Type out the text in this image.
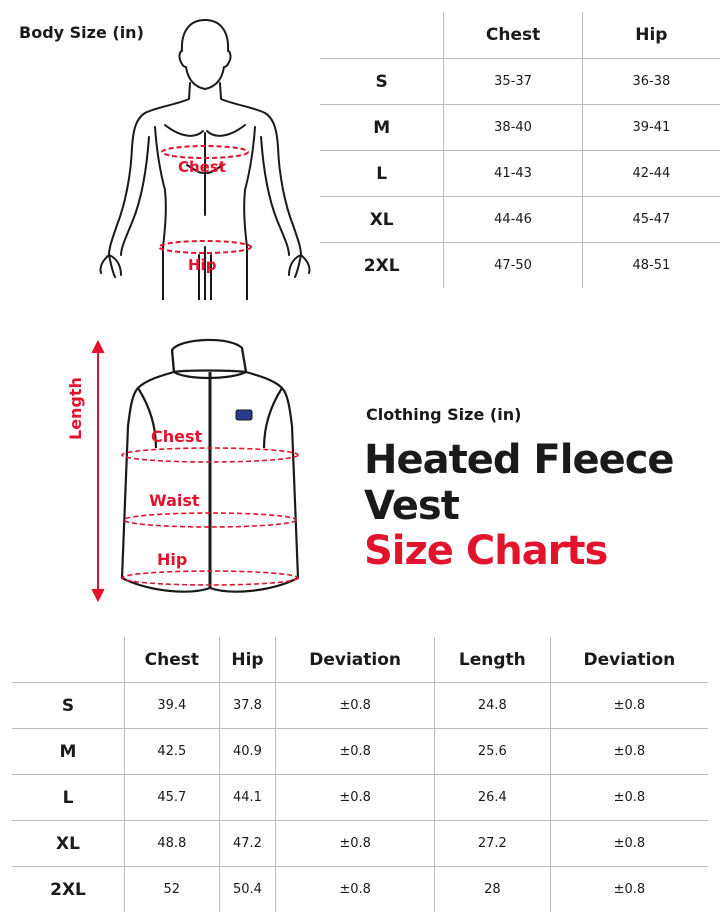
Body Size (in)
Chest
Hip
	Chest	Hip
S	35-37	36-38
M	38-40	39-41
L	41-43	42-44
XL	44-46	45-47
2XL	47-50	48-51
Length	Chest
Waist
Hip
Clothing Size (in)
Heated Fleece
Vest
Size Charts
	Chest	Hip	Deviation	Length	Deviation
S	39.4	37.8	±0.8	24.8	±0.8
M	42.5	40.9	±0.8	25.6	±0.8
L	45.7	44.1	±0.8	26.4	±0.8
XL	48.8	47.2	±0.8	27.2	±0.8
2XL	52	50.4	±0.8	28	±0.8
